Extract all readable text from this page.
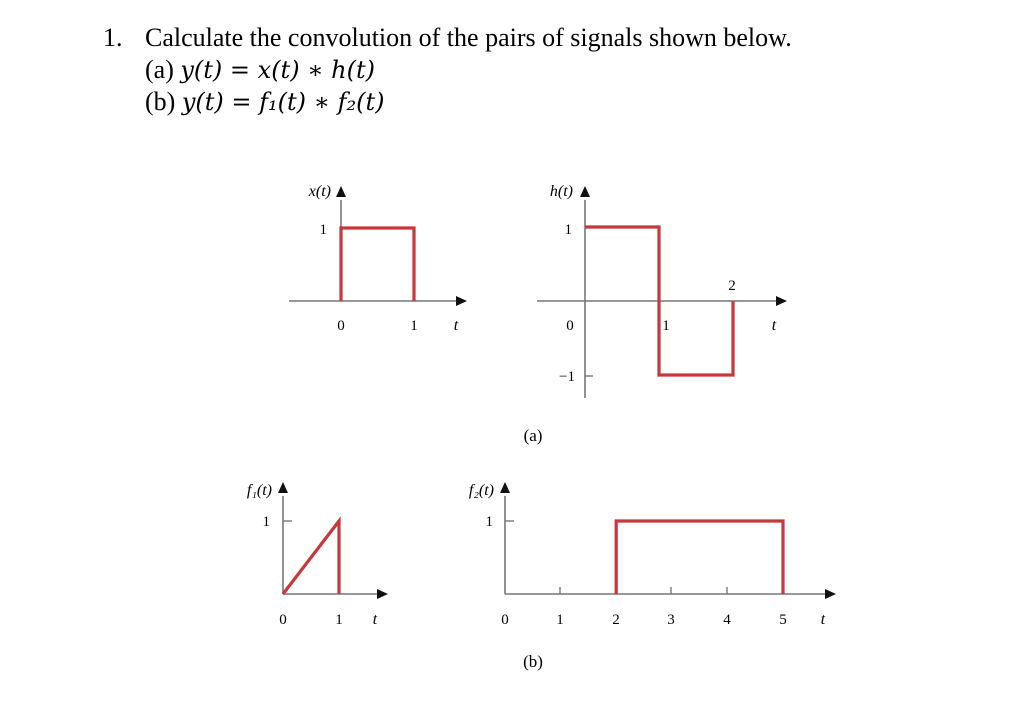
1. Calculate the convolution of the pairs of signals shown below.
(a) y(t) = x(t) ∗ h(t)
(b) y(t) = f₁(t) ∗ f₂(t)
x(t)
1
0	1 t
h(t)
1
−1
0	1
2
t
(a)
f₁(t)
1
0	1 t
f₂(t)
1
0	1	2	3	4	5 t
(b)
